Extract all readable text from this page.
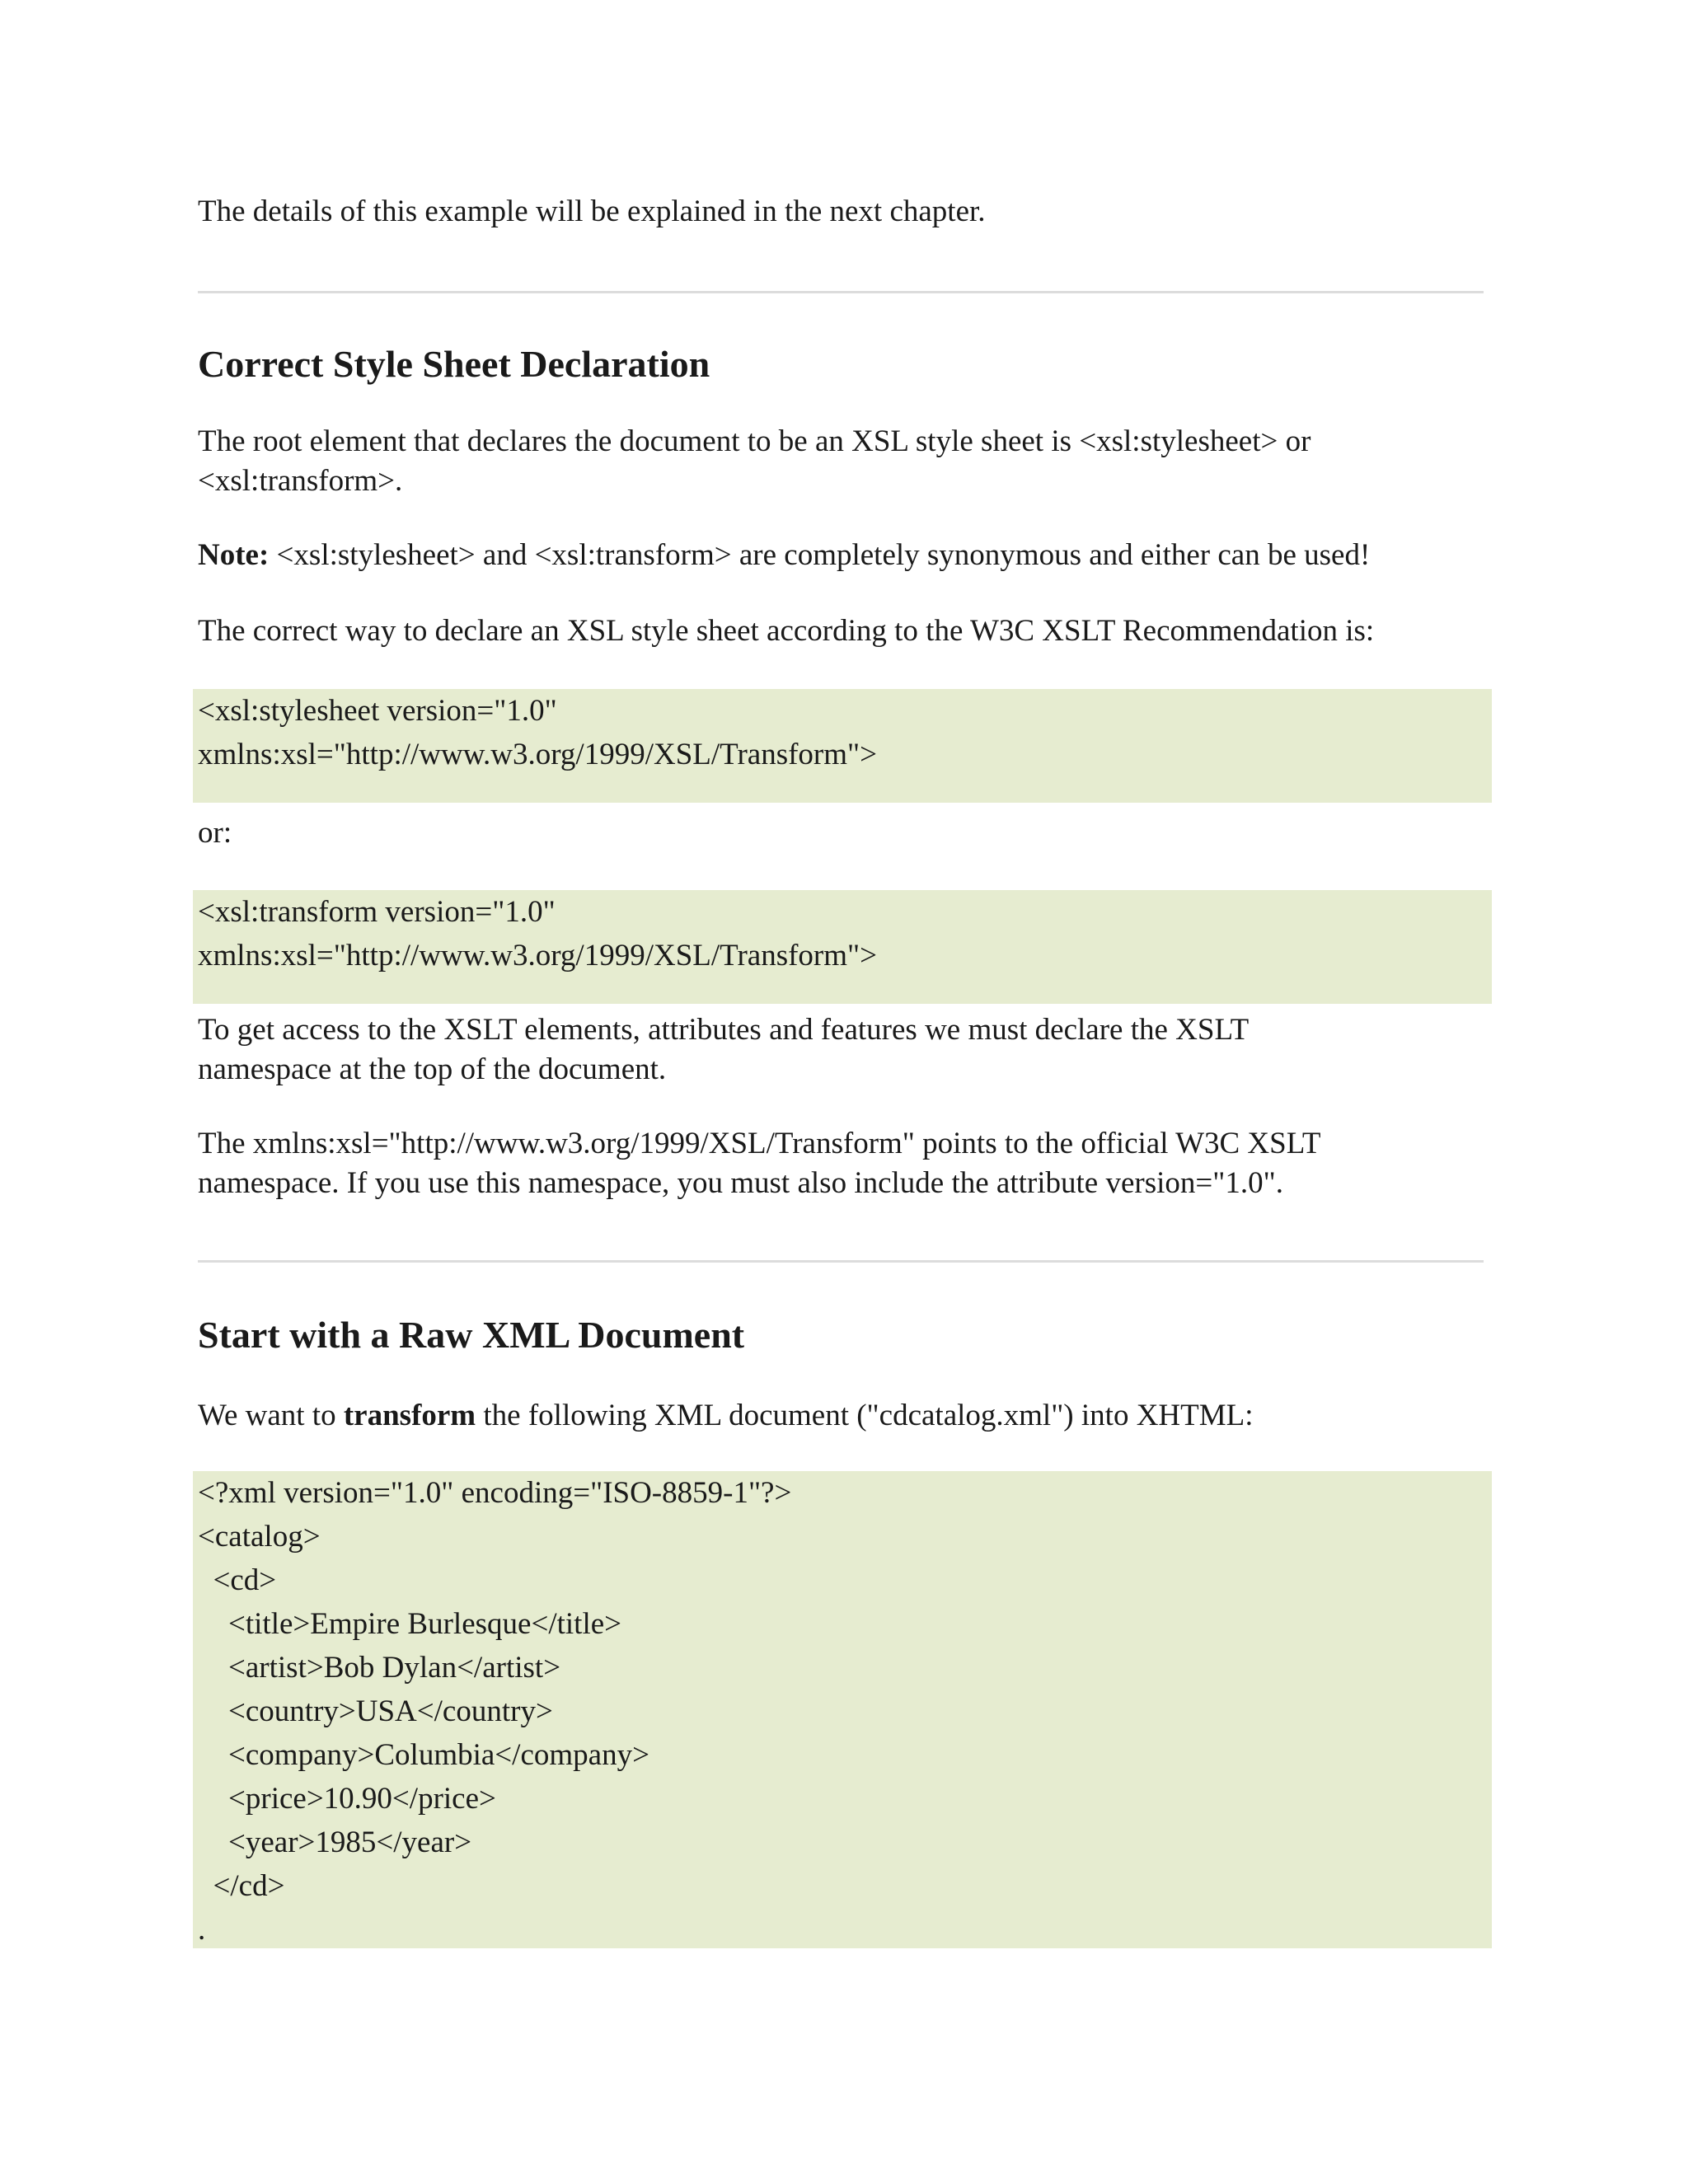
The details of this example will be explained in the next chapter.

Correct Style Sheet Declaration

The root element that declares the document to be an XSL style sheet is <xsl:stylesheet> or
<xsl:transform>.

Note: <xsl:stylesheet> and <xsl:transform> are completely synonymous and either can be used!

The correct way to declare an XSL style sheet according to the W3C XSLT Recommendation is:

<xsl:stylesheet version="1.0"
xmlns:xsl="http://www.w3.org/1999/XSL/Transform">

or:

<xsl:transform version="1.0"
xmlns:xsl="http://www.w3.org/1999/XSL/Transform">

To get access to the XSLT elements, attributes and features we must declare the XSLT
namespace at the top of the document.

The xmlns:xsl="http://www.w3.org/1999/XSL/Transform" points to the official W3C XSLT
namespace. If you use this namespace, you must also include the attribute version="1.0".

Start with a Raw XML Document

We want to transform the following XML document ("cdcatalog.xml") into XHTML:

<?xml version="1.0" encoding="ISO-8859-1"?>
<catalog>
<cd>
<title>Empire Burlesque</title>
<artist>Bob Dylan</artist>
<country>USA</country>
<company>Columbia</company>
<price>10.90</price>
<year>1985</year>
</cd>
.
